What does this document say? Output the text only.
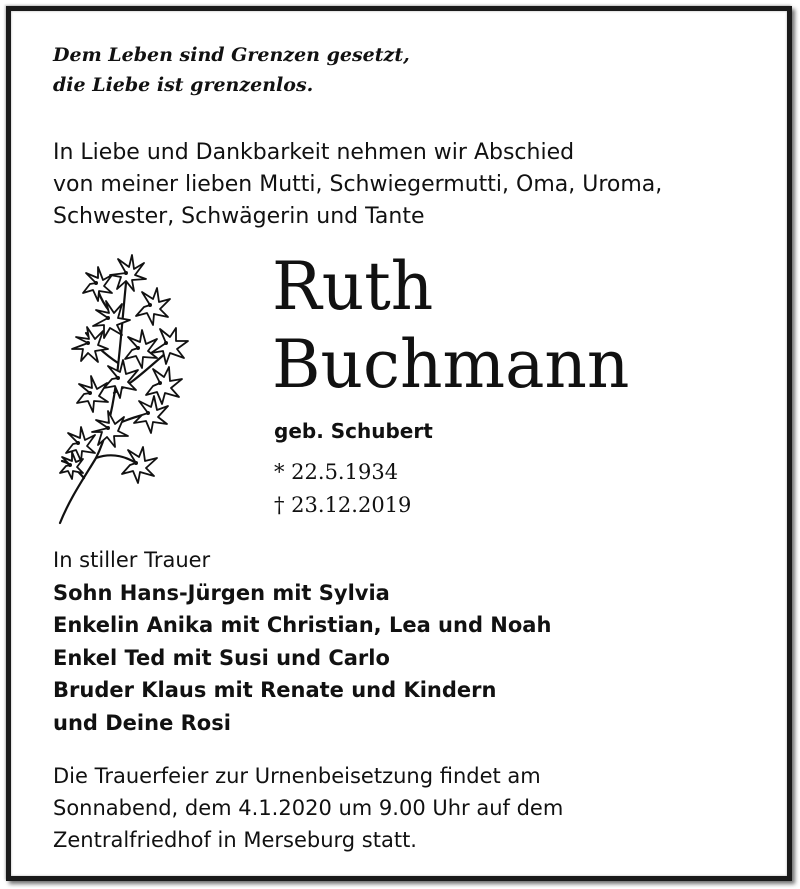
Dem Leben sind Grenzen gesetzt,
die Liebe ist grenzenlos.
In Liebe und Dankbarkeit nehmen wir Abschied
von meiner lieben Mutti, Schwiegermutti, Oma, Uroma,
Schwester, Schwägerin und Tante
Ruth
Buchmann
geb. Schubert
* 22.5.1934
† 23.12.2019
In stiller Trauer
Sohn Hans-Jürgen mit Sylvia
Enkelin Anika mit Christian, Lea und Noah
Enkel Ted mit Susi und Carlo
Bruder Klaus mit Renate und Kindern
und Deine Rosi
Die Trauerfeier zur Urnenbeisetzung findet am
Sonnabend, dem 4.1.2020 um 9.00 Uhr auf dem
Zentralfriedhof in Merseburg statt.
